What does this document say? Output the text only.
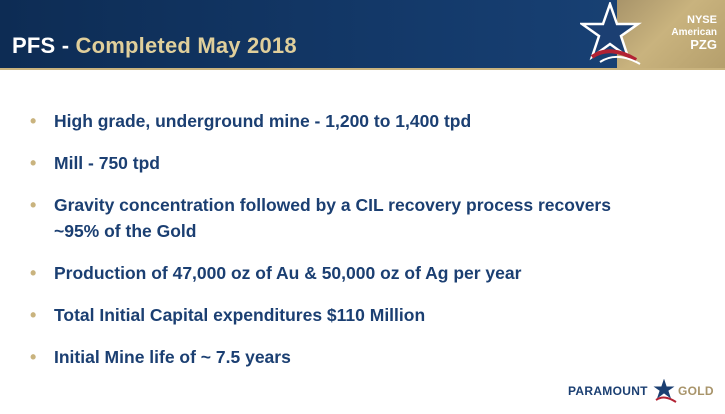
PFS - Completed May 2018
NYSE
American
PZG
• High grade, underground mine - 1,200 to 1,400 tpd
• Mill - 750 tpd
• Gravity concentration followed by a CIL recovery process recovers ~95% of the Gold
• Production of 47,000 oz of Au & 50,000 oz of Ag per year
• Total Initial Capital expenditures $110 Million
• Initial Mine life of ~ 7.5 years
PARAMOUNT	GOLD
